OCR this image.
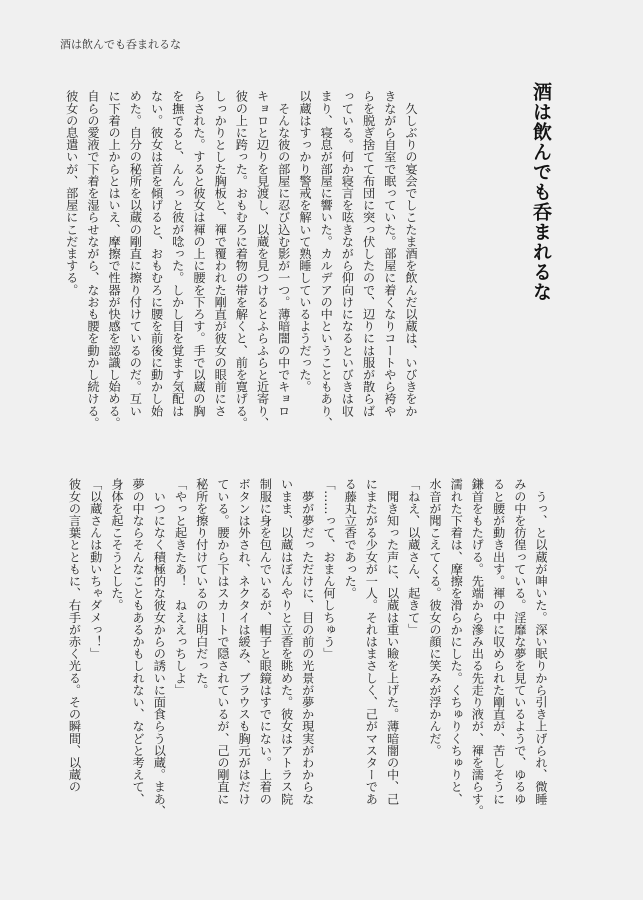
酒は飲んでも呑まれるな
酒は飲んでも呑まれるな
　久しぶりの宴会でしこたま酒を飲んだ以蔵は、いびきをか
きながら自室で眠っていた。部屋に着くなりコートやら袴や
らを脱ぎ捨てて布団に突っ伏したので、辺りには服が散らば
っている。何か寝言を呟きながら仰向けになるといびきは収
まり、寝息が部屋に響いた。カルデアの中ということもあり、
以蔵はすっかり警戒を解いて熟睡しているようだった。
　そんな彼の部屋に忍び込む影が一つ。薄暗闇の中でキョロ
キョロと辺りを見渡し、以蔵を見つけるとふらふらと近寄り、
彼の上に跨った。おもむろに着物の帯を解くと、前を寛げる。
しっかりとした胸板と、褌で覆われた剛直が彼女の眼前にさ
らされた。すると彼女は褌の上に腰を下ろす。手で以蔵の胸
を撫でると、んんっと彼が唸った。しかし目を覚ます気配は
ない。彼女は首を傾げると、おもむろに腰を前後に動かし始
めた。自分の秘所を以蔵の剛直に擦り付けているのだ。互い
に下着の上からとはいえ、摩擦で性器が快感を認識し始める。
自らの愛液で下着を湿らせながら、なおも腰を動かし続ける。
彼女の息遣いが、部屋にこだまする。
　うっ、と以蔵が呻いた。深い眠りから引き上げられ、微睡
みの中を彷徨っている。淫靡な夢を見ているようで、ゆるゆ
ると腰が動き出す。褌の中に収められた剛直が、苦しそうに
鎌首をもたげる。先端から滲み出る先走り液が、褌を濡らす。
濡れた下着は、摩擦を滑らかにした。くちゅりくちゅりと、
水音が聞こえてくる。彼女の顔に笑みが浮かんだ。
「ねえ、以蔵さん、起きて」
　聞き知った声に、以蔵は重い瞼を上げた。薄暗闇の中、己
にまたがる少女が一人。それはまさしく、己がマスターであ
る藤丸立香であった。
「……って、おまん何しちゅう」
　夢が夢だっただけに、目の前の光景が夢か現実がわからな
いまま、以蔵はぼんやりと立香を眺めた。彼女はアトラス院
制服に身を包んでいるが、帽子と眼鏡はすでにない。上着の
ボタンは外され、ネクタイは緩み、ブラウスも胸元がはだけ
ている。腰から下はスカートで隠されているが、己の剛直に
秘所を擦り付けているのは明白だった。
「やっと起きたあ！　ねええっちしよ」
　いつになく積極的な彼女からの誘いに面食らう以蔵。まあ、
夢の中ならそんなこともあるかもしれない、などと考えて、
身体を起こそうとした。
「以蔵さんは動いちゃダメっ！」
彼女の言葉とともに、右手が赤く光る。その瞬間、以蔵の
